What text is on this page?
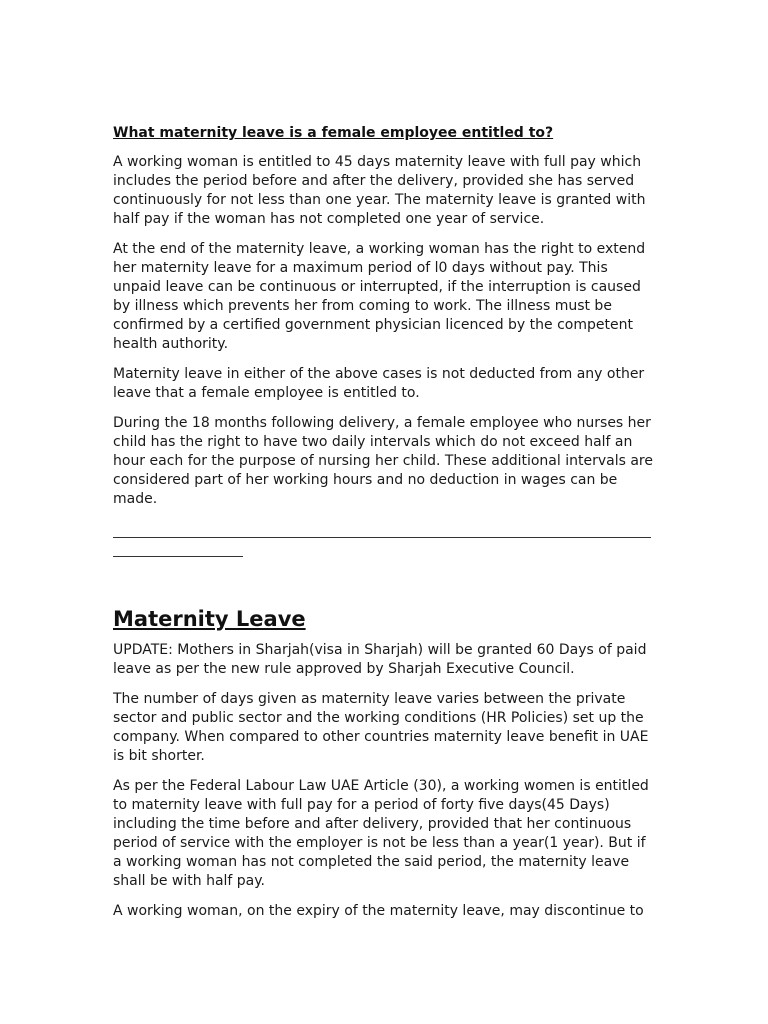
What maternity leave is a female employee entitled to?

A working woman is entitled to 45 days maternity leave with full pay which includes the period before and after the delivery, provided she has served continuously for not less than one year. The maternity leave is granted with half pay if the woman has not completed one year of service.

At the end of the maternity leave, a working woman has the right to extend her maternity leave for a maximum period of l0 days without pay. This unpaid leave can be continuous or interrupted, if the interruption is caused by illness which prevents her from coming to work. The illness must be confirmed by a certified government physician licenced by the competent health authority.

Maternity leave in either of the above cases is not deducted from any other leave that a female employee is entitled to.

During the 18 months following delivery, a female employee who nurses her child has the right to have two daily intervals which do not exceed half an hour each for the purpose of nursing her child. These additional intervals are considered part of her working hours and no deduction in wages can be made.

Maternity Leave

UPDATE: Mothers in Sharjah(visa in Sharjah) will be granted 60 Days of paid leave as per the new rule approved by Sharjah Executive Council.

The number of days given as maternity leave varies between the private sector and public sector and the working conditions (HR Policies) set up the company. When compared to other countries maternity leave benefit in UAE is bit shorter.

As per the Federal Labour Law UAE Article (30), a working women is entitled to maternity leave with full pay for a period of forty five days(45 Days) including the time before and after delivery, provided that her continuous period of service with the employer is not be less than a year(1 year). But if a working woman has not completed the said period, the maternity leave shall be with half pay.

A working woman, on the expiry of the maternity leave, may discontinue to
